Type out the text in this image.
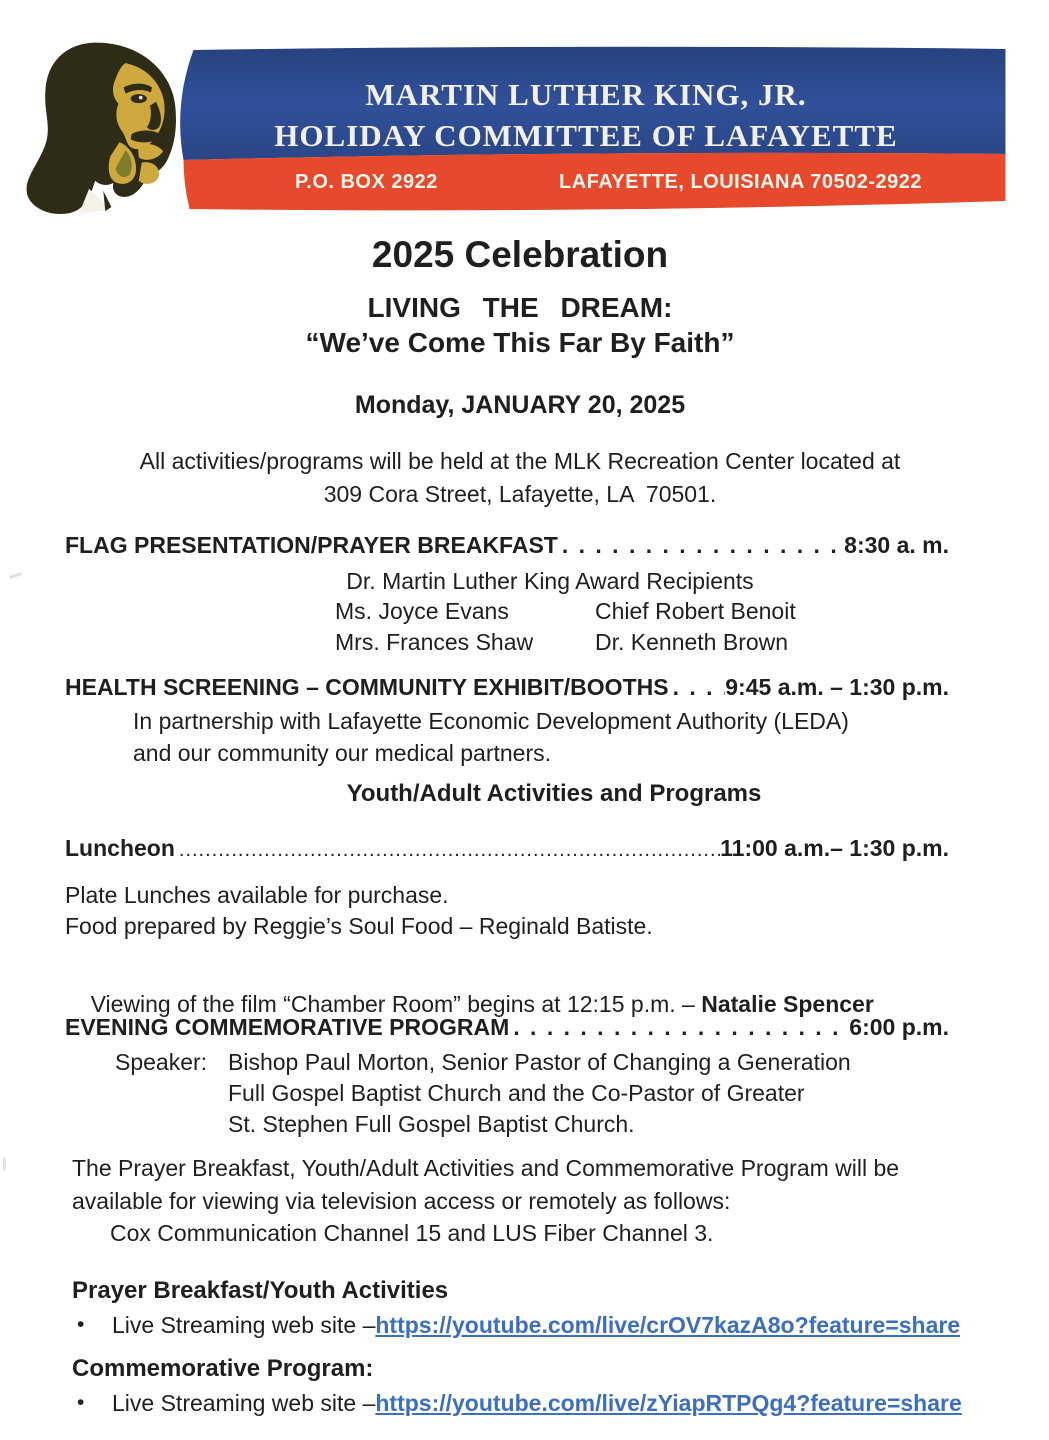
MARTIN LUTHER KING, JR.
HOLIDAY COMMITTEE OF LAFAYETTE
P.O. BOX 2922	LAFAYETTE, LOUISIANA 70502-2922
2025 Celebration
LIVING THE DREAM:
“We’ve Come This Far By Faith”
Monday, JANUARY 20, 2025
All activities/programs will be held at the MLK Recreation Center located at
309 Cora Street, Lafayette, LA  70501.
FLAG PRESENTATION/PRAYER BREAKFAST . . .	8:30 a. m.
Dr. Martin Luther King Award Recipients
Ms. Joyce Evans	Chief Robert Benoit
Mrs. Frances Shaw	Dr. Kenneth Brown
HEALTH SCREENING – COMMUNITY EXHIBIT/BOOTHS . . . 9:45 a.m. – 1:30 p.m.
In partnership with Lafayette Economic Development Authority (LEDA)
and our community our medical partners.
Youth/Adult Activities and Programs
Luncheon .....	11:00 a.m.– 1:30 p.m.
Plate Lunches available for purchase.
Food prepared by Reggie’s Soul Food – Reginald Batiste.

Viewing of the film “Chamber Room” begins at 12:15 p.m. – Natalie Spencer

EVENING COMMEMORATIVE PROGRAM . . .	6:00 p.m.
Speaker: Bishop Paul Morton, Senior Pastor of Changing a Generation
Full Gospel Baptist Church and the Co-Pastor of Greater
St. Stephen Full Gospel Baptist Church.
The Prayer Breakfast, Youth/Adult Activities and Commemorative Program will be
available for viewing via television access or remotely as follows:
Cox Communication Channel 15 and LUS Fiber Channel 3.
Prayer Breakfast/Youth Activities
•	Live Streaming web site – https://youtube.com/live/crOV7kazA8o?feature=share
Commemorative Program:
•	Live Streaming web site – https://youtube.com/live/zYiapRTPQg4?feature=share
